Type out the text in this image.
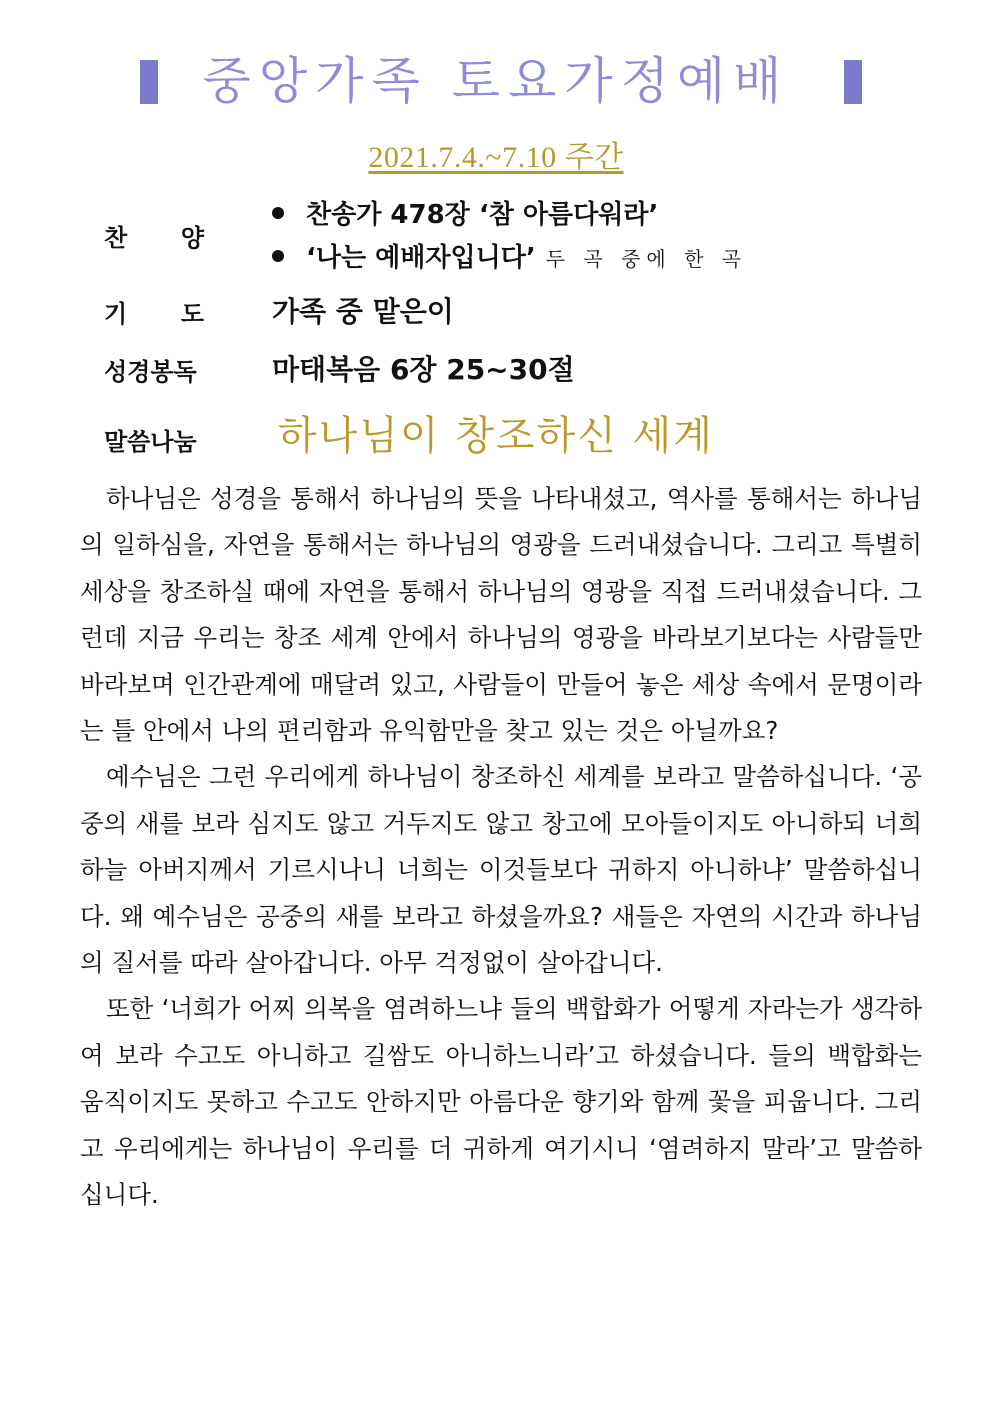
중앙가족 토요가정예배
2021.7.4.~7.10 주간
찬 양
찬송가 478장 ‘참 아름다워라’
‘나는 예배자입니다’ 두 곡 중에 한 곡
기 도 가족 중 맡은이
성경봉독	마태복음 6장 25~30절
말씀나눔 하나님이 창조하신 세계

하나님은 성경을 통해서 하나님의 뜻을 나타내셨고, 역사를 통해서는 하나님의 일하심을, 자연을 통해서는 하나님의 영광을 드러내셨습니다. 그리고 특별히 세상을 창조하실 때에 자연을 통해서 하나님의 영광을 직접 드러내셨습니다. 그런데 지금 우리는 창조 세계 안에서 하나님의 영광을 바라보기보다는 사람들만 바라보며 인간관계에 매달려 있고, 사람들이 만들어 놓은 세상 속에서 문명이라는 틀 안에서 나의 편리함과 유익함만을 찾고 있는 것은 아닐까요?

예수님은 그런 우리에게 하나님이 창조하신 세계를 보라고 말씀하십니다. ‘공중의 새를 보라 심지도 않고 거두지도 않고 창고에 모아들이지도 아니하되 너희 하늘 아버지께서 기르시나니 너희는 이것들보다 귀하지 아니하냐’ 말씀하십니다. 왜 예수님은 공중의 새를 보라고 하셨을까요? 새들은 자연의 시간과 하나님의 질서를 따라 살아갑니다. 아무 걱정없이 살아갑니다.

또한 ‘너희가 어찌 의복을 염려하느냐 들의 백합화가 어떻게 자라는가 생각하여 보라 수고도 아니하고 길쌈도 아니하느니라’고 하셨습니다. 들의 백합화는 움직이지도 못하고 수고도 안하지만 아름다운 향기와 함께 꽃을 피웁니다. 그리고 우리에게는 하나님이 우리를 더 귀하게 여기시니 ‘염려하지 말라’고 말씀하십니다.
